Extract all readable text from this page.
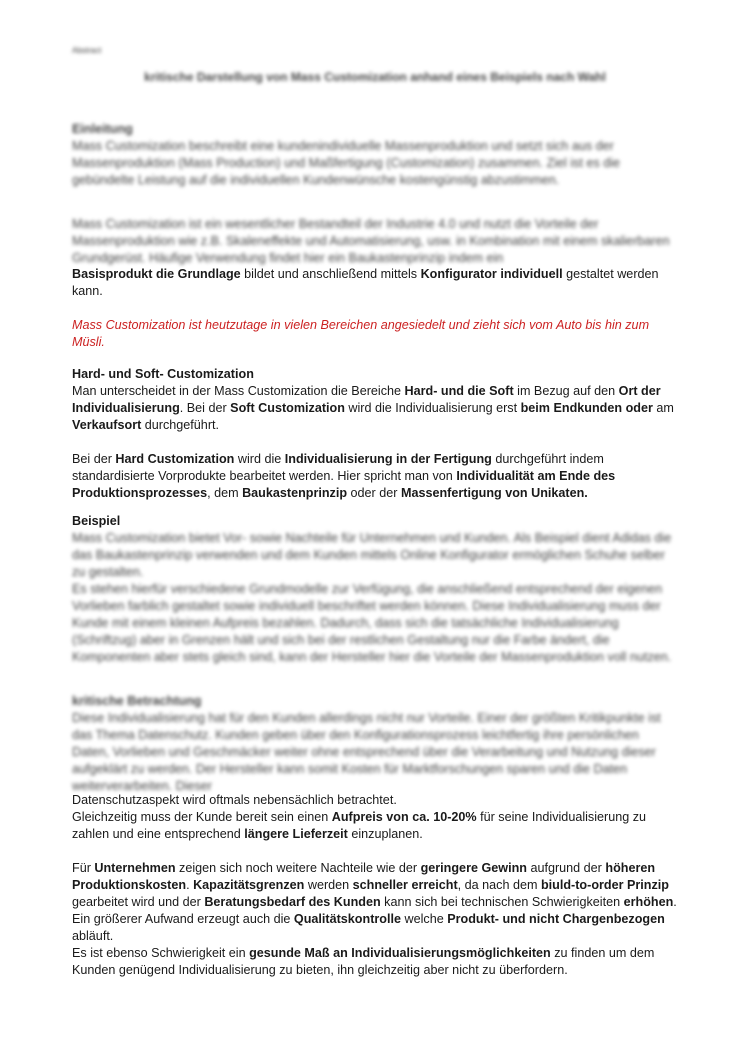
Abstract
kritische Darstellung von Mass Customization anhand eines Beispiels nach Wahl

Einleitung

Mass Customization beschreibt eine kundenindividuelle Massenproduktion und setzt sich aus der Massenproduktion (Mass Production) und Maßfertigung (Customization) zusammen. Ziel ist es die gebündelte Leistung auf die individuellen Kundenwünsche kostengünstig abzustimmen.

Mass Customization ist ein wesentlicher Bestandteil der Industrie 4.0 und nutzt die Vorteile der Massenproduktion wie z.B. Skaleneffekte und Automatisierung, usw. in Kombination mit einem skalierbaren Grundgerüst. Häufige Verwendung findet hier ein Baukastenprinzip indem ein

Basisprodukt die Grundlage bildet und anschließend mittels Konfigurator individuell gestaltet werden kann.

Mass Customization ist heutzutage in vielen Bereichen angesiedelt und zieht sich vom Auto bis hin zum Müsli.

Hard- und Soft- Customization

Man unterscheidet in der Mass Customization die Bereiche Hard- und die Soft im Bezug auf den Ort der Individualisierung. Bei der Soft Customization wird die Individualisierung erst beim Endkunden oder am Verkaufsort durchgeführt.

Bei der Hard Customization wird die Individualisierung in der Fertigung durchgeführt indem standardisierte Vorprodukte bearbeitet werden. Hier spricht man von Individualität am Ende des Produktionsprozesses, dem Baukastenprinzip oder der Massenfertigung von Unikaten.

Beispiel

Mass Customization bietet Vor- sowie Nachteile für Unternehmen und Kunden. Als Beispiel dient Adidas die das Baukastenprinzip verwenden und dem Kunden mittels Online Konfigurator ermöglichen Schuhe selber zu gestalten.

Es stehen hierfür verschiedene Grundmodelle zur Verfügung, die anschließend entsprechend der eigenen Vorlieben farblich gestaltet sowie individuell beschriftet werden können. Diese Individualisierung muss der Kunde mit einem kleinen Aufpreis bezahlen. Dadurch, dass sich die tatsächliche Individualisierung (Schriftzug) aber in Grenzen hält und sich bei der restlichen Gestaltung nur die Farbe ändert, die Komponenten aber stets gleich sind, kann der Hersteller hier die Vorteile der Massenproduktion voll nutzen.

kritische Betrachtung

Diese Individualisierung hat für den Kunden allerdings nicht nur Vorteile. Einer der größten Kritikpunkte ist das Thema Datenschutz. Kunden geben über den Konfigurationsprozess leichtfertig ihre persönlichen Daten, Vorlieben und Geschmäcker weiter ohne entsprechend über die Verarbeitung und Nutzung dieser aufgeklärt zu werden. Der Hersteller kann somit Kosten für Marktforschungen sparen und die Daten weiterverarbeiten. Dieser

Datenschutzaspekt wird oftmals nebensächlich betrachtet.

Gleichzeitig muss der Kunde bereit sein einen Aufpreis von ca. 10-20% für seine Individualisierung zu zahlen und eine entsprechend längere Lieferzeit einzuplanen.

Für Unternehmen zeigen sich noch weitere Nachteile wie der geringere Gewinn aufgrund der höheren Produktionskosten. Kapazitätsgrenzen werden schneller erreicht, da nach dem biuld-to-order Prinzip gearbeitet wird und der Beratungsbedarf des Kunden kann sich bei technischen Schwierigkeiten erhöhen. Ein größerer Aufwand erzeugt auch die Qualitätskontrolle welche Produkt- und nicht Chargenbezogen abläuft.

Es ist ebenso Schwierigkeit ein gesunde Maß an Individualisierungsmöglichkeiten zu finden um dem Kunden genügend Individualisierung zu bieten, ihn gleichzeitig aber nicht zu überfordern.
